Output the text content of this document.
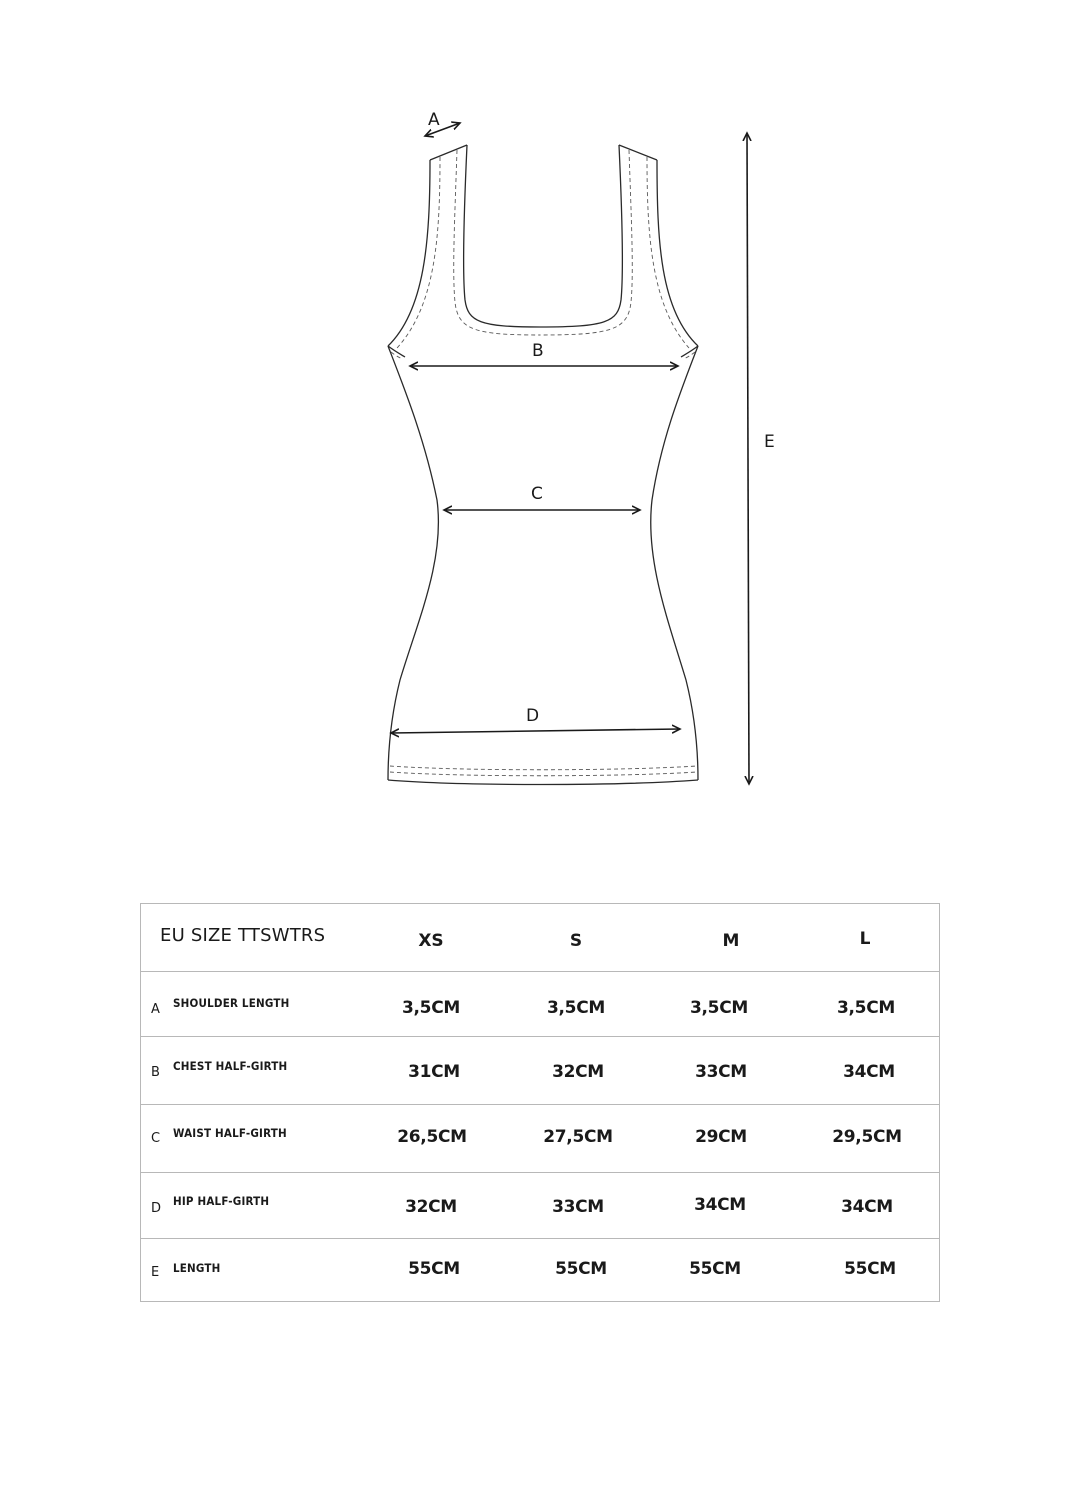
A
B
C
D
E
EU SIZE TTSWTRS	XS	S	M	L
A SHOULDER LENGTH	3,5CM	3,5CM	3,5CM	3,5CM
B CHEST HALF-GIRTH	31CM	32CM	33CM	34CM
C WAIST HALF-GIRTH	26,5CM	27,5CM	29CM	29,5CM
D HIP HALF-GIRTH	32CM	33CM	34CM	34CM
E LENGTH	55CM	55CM	55CM	55CM
